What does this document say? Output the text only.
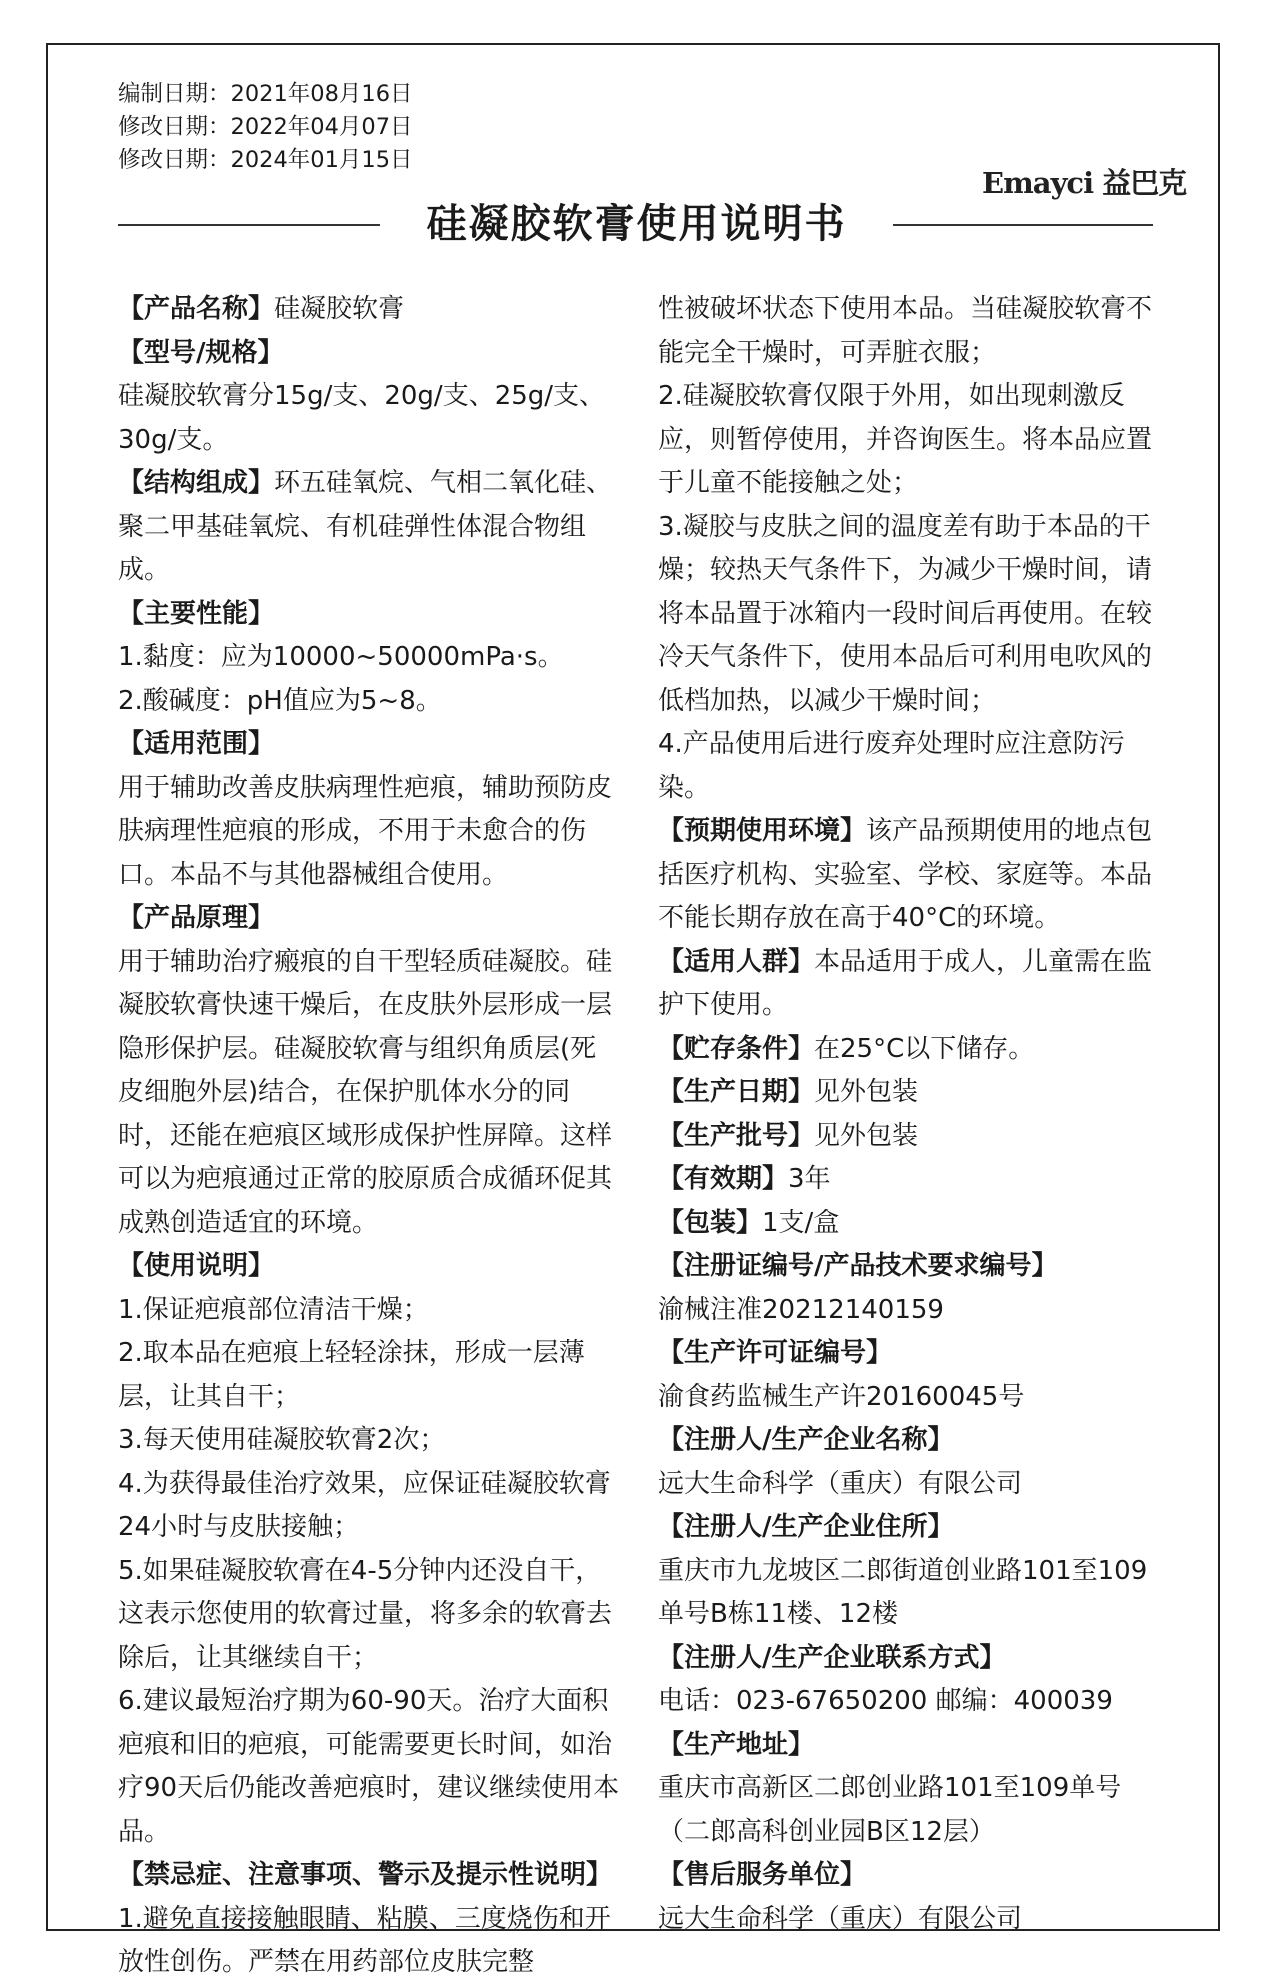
编制日期：2021年08月16日
修改日期：2022年04月07日
修改日期：2024年01月15日
Emayci 益巴克
硅凝胶软膏使用说明书

【产品名称】硅凝胶软膏

【型号/规格】

硅凝胶软膏分15g/支、20g/支、25g/支、30g/支。

【结构组成】环五硅氧烷、气相二氧化硅、聚二甲基硅氧烷、有机硅弹性体混合物组成。

【主要性能】

1.黏度：应为10000~50000mPa·s。

2.酸碱度：pH值应为5~8。

【适用范围】

用于辅助改善皮肤病理性疤痕，辅助预防皮肤病理性疤痕的形成，不用于未愈合的伤口。本品不与其他器械组合使用。

【产品原理】

用于辅助治疗瘢痕的自干型轻质硅凝胶。硅凝胶软膏快速干燥后，在皮肤外层形成一层隐形保护层。硅凝胶软膏与组织角质层(死皮细胞外层)结合，在保护肌体水分的同时，还能在疤痕区域形成保护性屏障。这样可以为疤痕通过正常的胶原质合成循环促其成熟创造适宜的环境。

【使用说明】

1.保证疤痕部位清洁干燥；

2.取本品在疤痕上轻轻涂抹，形成一层薄层，让其自干；

3.每天使用硅凝胶软膏2次；

4.为获得最佳治疗效果，应保证硅凝胶软膏24小时与皮肤接触；

5.如果硅凝胶软膏在4-5分钟内还没自干，这表示您使用的软膏过量，将多余的软膏去除后，让其继续自干；

6.建议最短治疗期为60-90天。治疗大面积疤痕和旧的疤痕，可能需要更长时间，如治疗90天后仍能改善疤痕时，建议继续使用本品。

【禁忌症、注意事项、警示及提示性说明】

1.避免直接接触眼睛、粘膜、三度烧伤和开放性创伤。严禁在用药部位皮肤完整

性被破坏状态下使用本品。当硅凝胶软膏不能完全干燥时，可弄脏衣服；

2.硅凝胶软膏仅限于外用，如出现刺激反应，则暂停使用，并咨询医生。将本品应置于儿童不能接触之处；

3.凝胶与皮肤之间的温度差有助于本品的干燥；较热天气条件下，为减少干燥时间，请将本品置于冰箱内一段时间后再使用。在较冷天气条件下，使用本品后可利用电吹风的低档加热，以减少干燥时间；

4.产品使用后进行废弃处理时应注意防污染。

【预期使用环境】该产品预期使用的地点包括医疗机构、实验室、学校、家庭等。本品不能长期存放在高于40°C的环境。

【适用人群】本品适用于成人，儿童需在监护下使用。

【贮存条件】在25°C以下储存。

【生产日期】见外包装

【生产批号】见外包装

【有效期】3年

【包装】1支/盒

【注册证编号/产品技术要求编号】

渝械注准20212140159

【生产许可证编号】

渝食药监械生产许20160045号

【注册人/生产企业名称】

远大生命科学（重庆）有限公司

【注册人/生产企业住所】

重庆市九龙坡区二郎街道创业路101至109单号B栋11楼、12楼

【注册人/生产企业联系方式】

电话：023-67650200 邮编：400039

【生产地址】

重庆市高新区二郎创业路101至109单号（二郎高科创业园B区12层）

【售后服务单位】

远大生命科学（重庆）有限公司
